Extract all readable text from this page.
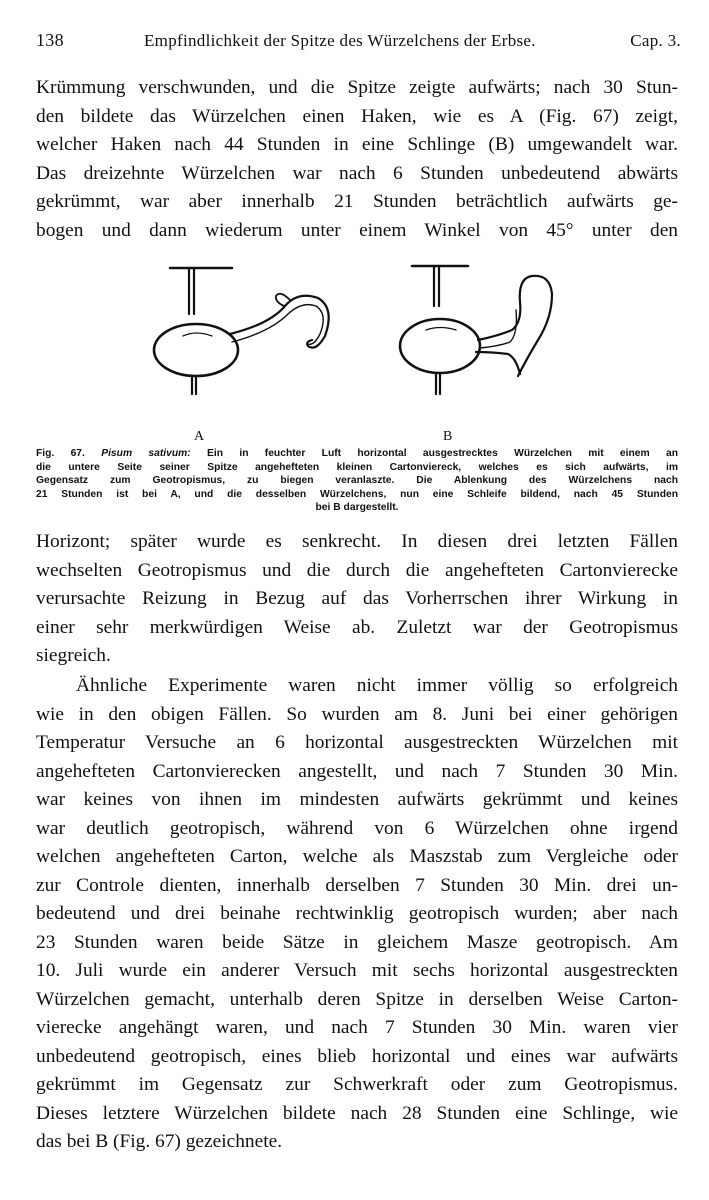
138	Empfindlichkeit der Spitze des Würzelchens der Erbse.	Cap. 3.
Krümmung verschwunden, und die Spitze zeigte aufwärts; nach 30 Stun-
den bildete das Würzelchen einen Haken, wie es A (Fig. 67) zeigt,
welcher Haken nach 44 Stunden in eine Schlinge (B) umgewandelt war.
Das dreizehnte Würzelchen war nach 6 Stunden unbedeutend abwärts
gekrümmt, war aber innerhalb 21 Stunden beträchtlich aufwärts ge-
bogen und dann wiederum unter einem Winkel von 45° unter den
A	B
Fig. 67. Pisum sativum: Ein in feuchter Luft horizontal ausgestrecktes Würzelchen mit einem an
die untere Seite seiner Spitze angehefteten kleinen Cartonviereck, welches es sich aufwärts, im
Gegensatz zum Geotropismus, zu biegen veranlaszte. Die Ablenkung des Würzelchens nach
21 Stunden ist bei A, und die desselben Würzelchens, nun eine Schleife bildend, nach 45 Stunden
bei B dargestellt.
Horizont; später wurde es senkrecht. In diesen drei letzten Fällen
wechselten Geotropismus und die durch die angehefteten Cartonvierecke
verursachte Reizung in Bezug auf das Vorherrschen ihrer Wirkung in
einer sehr merkwürdigen Weise ab. Zuletzt war der Geotropismus
siegreich.
Ähnliche Experimente waren nicht immer völlig so erfolgreich
wie in den obigen Fällen. So wurden am 8. Juni bei einer gehörigen
Temperatur Versuche an 6 horizontal ausgestreckten Würzelchen mit
angehefteten Cartonvierecken angestellt, und nach 7 Stunden 30 Min.
war keines von ihnen im mindesten aufwärts gekrümmt und keines
war deutlich geotropisch, während von 6 Würzelchen ohne irgend
welchen angehefteten Carton, welche als Maszstab zum Vergleiche oder
zur Controle dienten, innerhalb derselben 7 Stunden 30 Min. drei un-
bedeutend und drei beinahe rechtwinklig geotropisch wurden; aber nach
23 Stunden waren beide Sätze in gleichem Masze geotropisch. Am
10. Juli wurde ein anderer Versuch mit sechs horizontal ausgestreckten
Würzelchen gemacht, unterhalb deren Spitze in derselben Weise Carton-
vierecke angehängt waren, und nach 7 Stunden 30 Min. waren vier
unbedeutend geotropisch, eines blieb horizontal und eines war aufwärts
gekrümmt im Gegensatz zur Schwerkraft oder zum Geotropismus.
Dieses letztere Würzelchen bildete nach 28 Stunden eine Schlinge, wie
das bei B (Fig. 67) gezeichnete.
